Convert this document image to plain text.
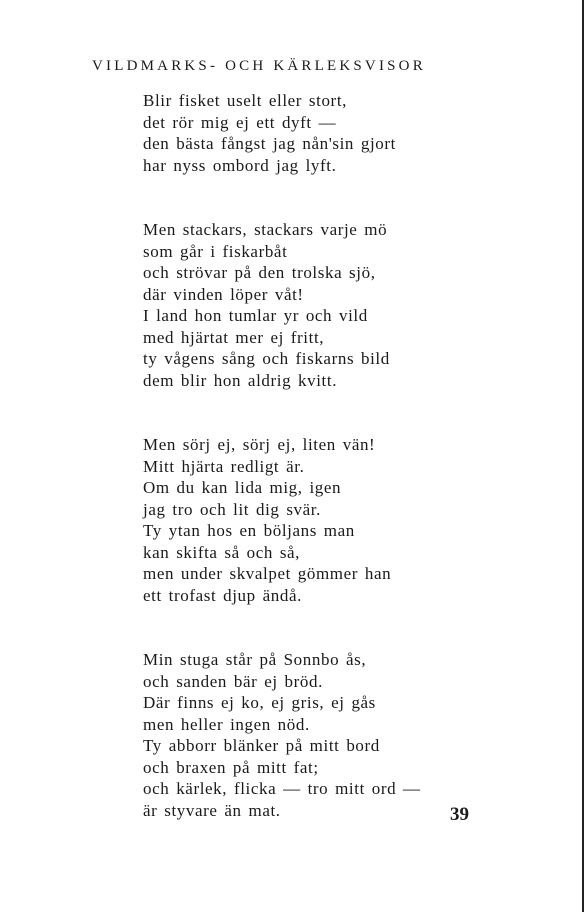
VILDMARKS- OCH KÄRLEKSVISOR
Blir fisket uselt eller stort,
det rör mig ej ett dyft —
den bästa fångst jag nån'sin gjort
har nyss ombord jag lyft.
Men stackars, stackars varje mö
som går i fiskarbåt
och strövar på den trolska sjö,
där vinden löper våt!
I land hon tumlar yr och vild
med hjärtat mer ej fritt,
ty vågens sång och fiskarns bild
dem blir hon aldrig kvitt.
Men sörj ej, sörj ej, liten vän!
Mitt hjärta redligt är.
Om du kan lida mig, igen
jag tro och lit dig svär.
Ty ytan hos en böljans man
kan skifta så och så,
men under skvalpet gömmer han
ett trofast djup ändå.
Min stuga står på Sonnbo ås,
och sanden bär ej bröd.
Där finns ej ko, ej gris, ej gås
men heller ingen nöd.
Ty abborr blänker på mitt bord
och braxen på mitt fat;
och kärlek, flicka — tro mitt ord —
är styvare än mat.	39
